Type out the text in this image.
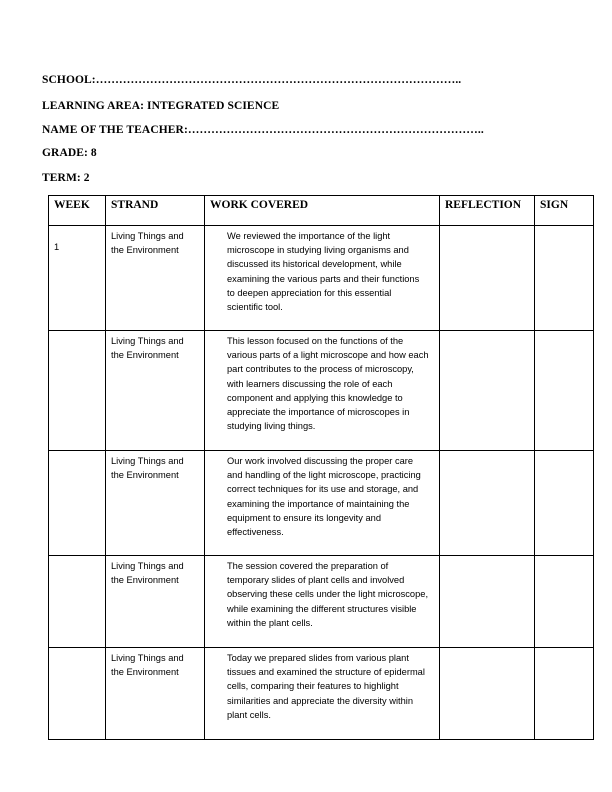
SCHOOL:…………………………………………………………………………………..
LEARNING AREA: INTEGRATED SCIENCE
NAME OF THE TEACHER:…………………………………………………………………..
GRADE: 8
TERM: 2
WEEK	STRAND	WORK COVERED	REFLECTION	SIGN
1	Living Things and the Environment	We reviewed the importance of the light microscope in studying living organisms and discussed its historical development, while examining the various parts and their functions to deepen appreciation for this essential scientific tool.		
	Living Things and the Environment	This lesson focused on the functions of the various parts of a light microscope and how each part contributes to the process of microscopy, with learners discussing the role of each component and applying this knowledge to appreciate the importance of microscopes in studying living things.		
	Living Things and the Environment	Our work involved discussing the proper care and handling of the light microscope, practicing correct techniques for its use and storage, and examining the importance of maintaining the equipment to ensure its longevity and effectiveness.		
	Living Things and the Environment	The session covered the preparation of temporary slides of plant cells and involved observing these cells under the light microscope, while examining the different structures visible within the plant cells.		
	Living Things and the Environment	Today we prepared slides from various plant tissues and examined the structure of epidermal cells, comparing their features to highlight similarities and appreciate the diversity within plant cells.		
